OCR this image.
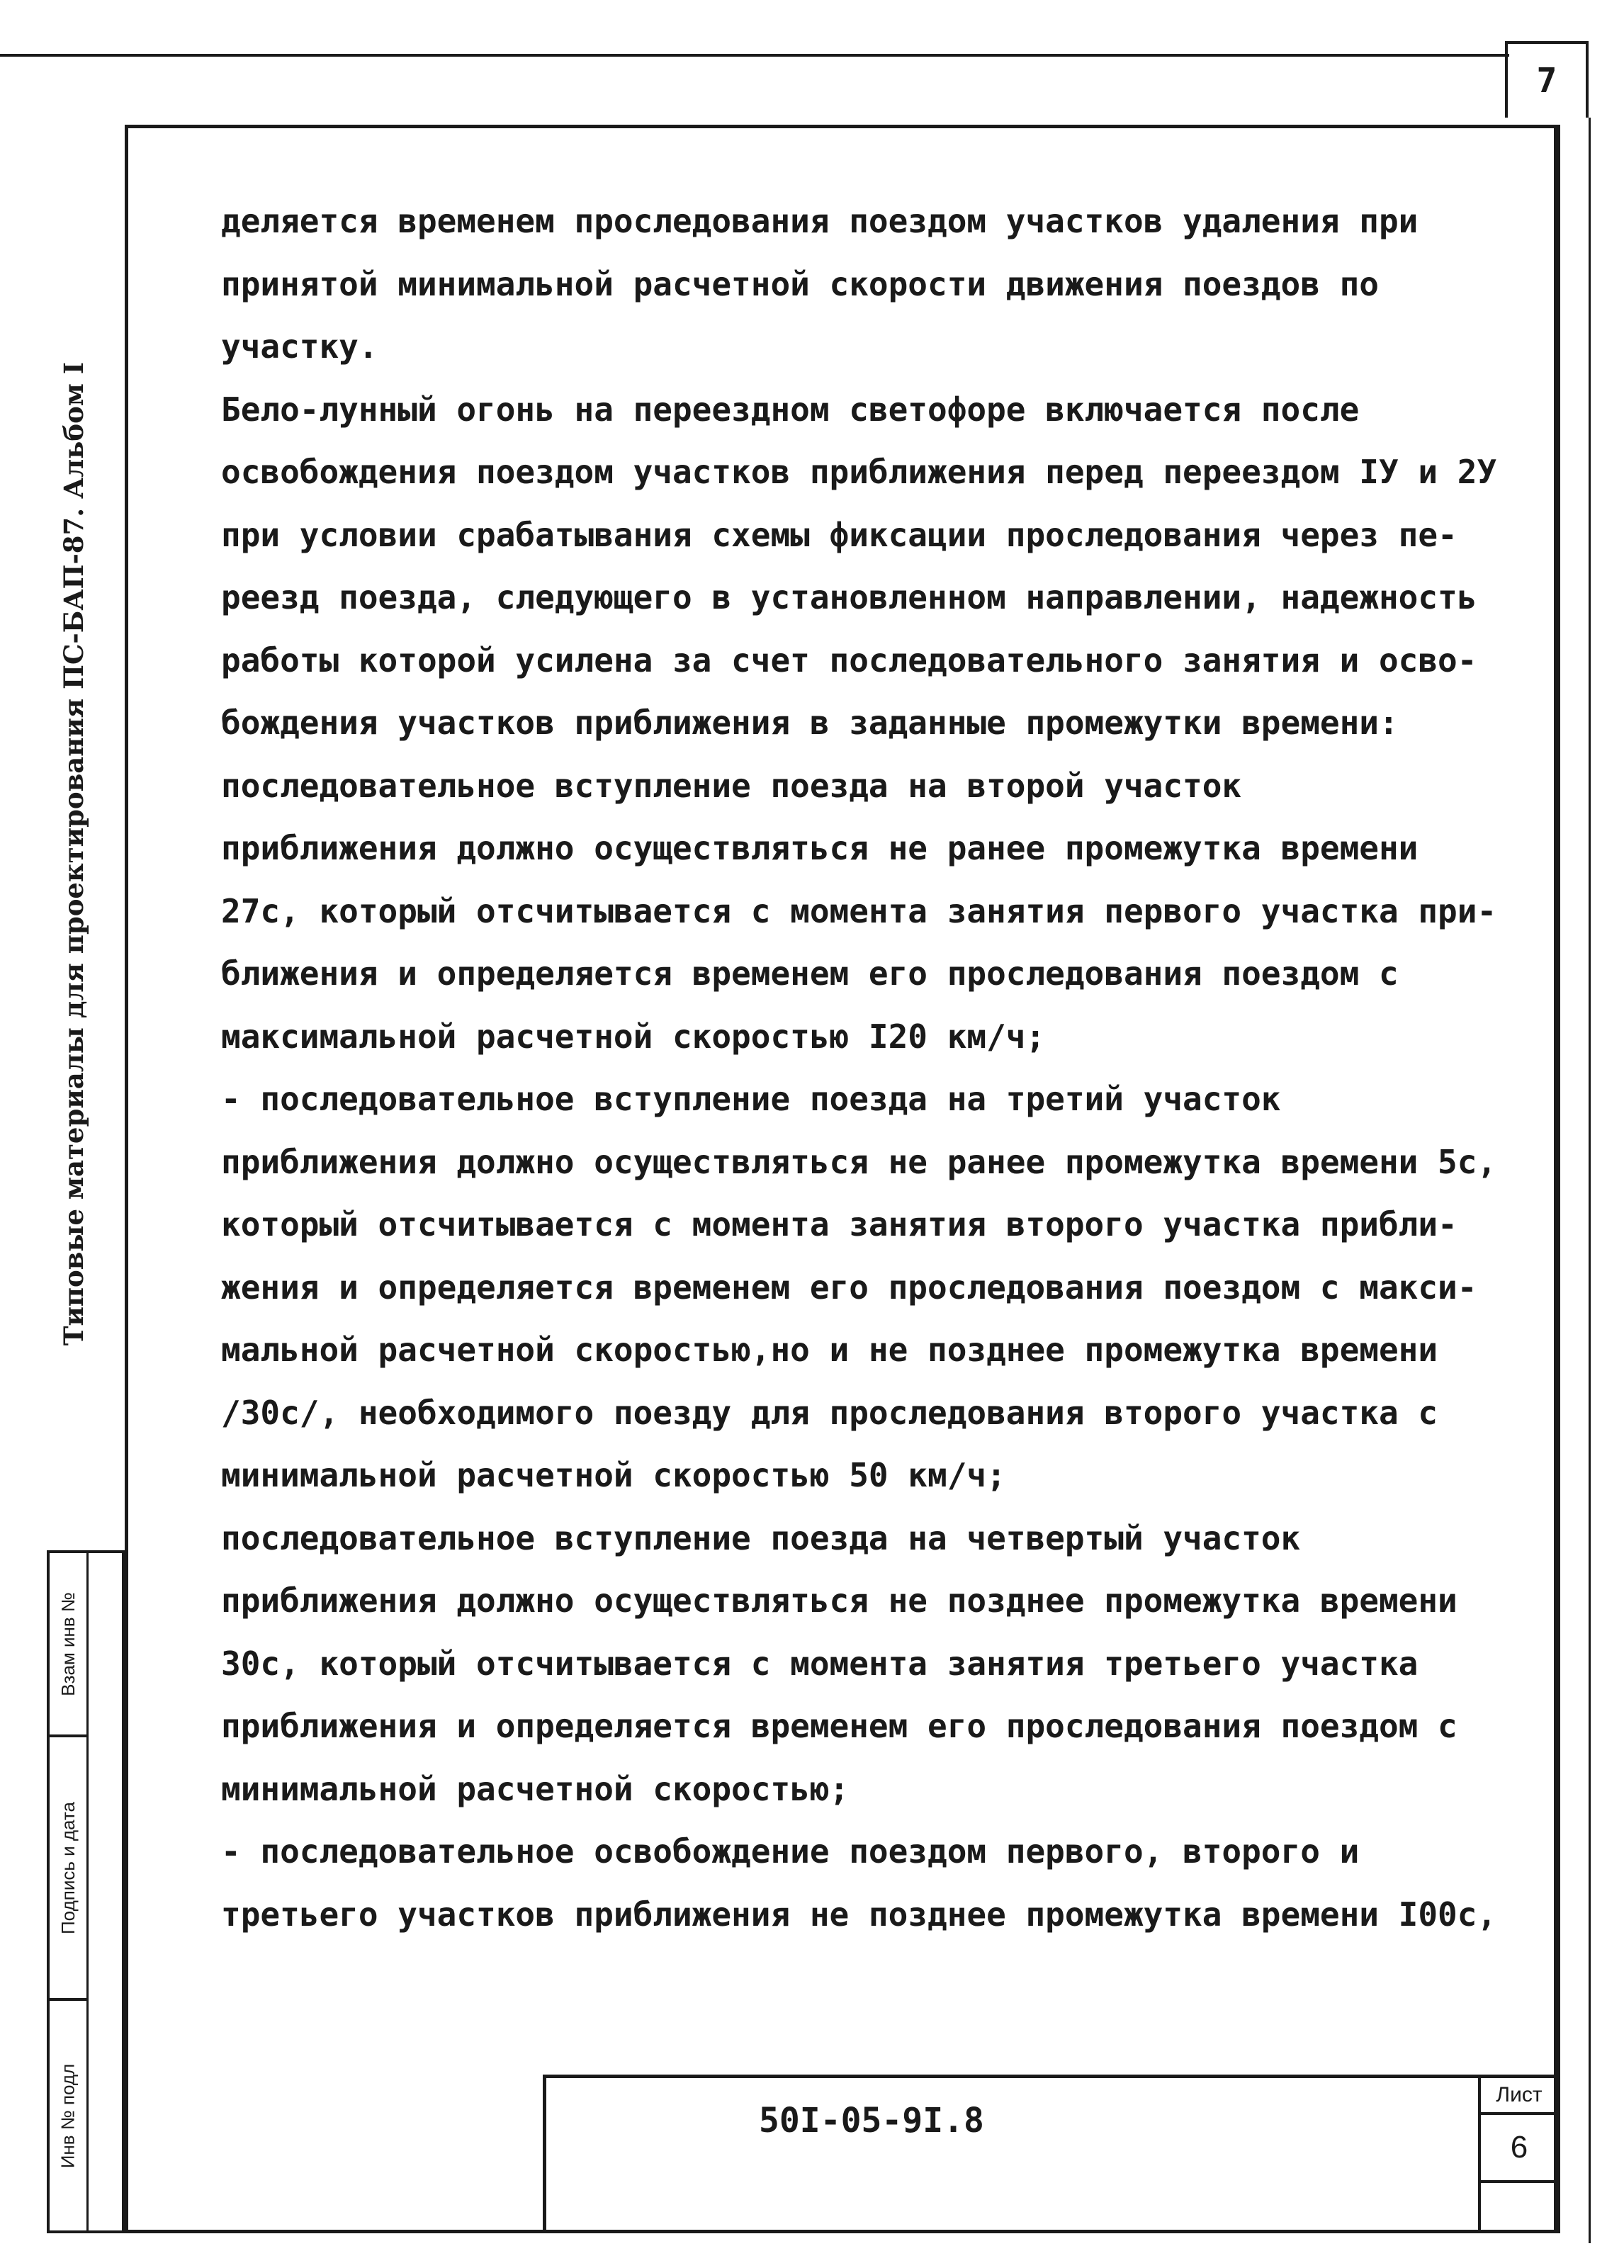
7
Типовые материалы для проектирования ПС-БАП-87. Альбом I
Взам инв №
Подпись и дата
Инв № подл
деляется временем проследования поездом участков удаления при
принятой минимальной расчетной скорости движения поездов по
участку.
Бело-лунный огонь на переездном светофоре включается после
освобождения поездом участков приближения перед переездом IУ и 2У
при условии срабатывания схемы фиксации проследования через пе-
реезд поезда, следующего в установленном направлении, надежность
работы которой усилена за счет последовательного занятия и осво-
бождения участков приближения в заданные промежутки времени:
последовательное вступление поезда на второй участок
приближения должно осуществляться не ранее промежутка времени
27с, который отсчитывается с момента занятия первого участка при-
ближения и определяется временем его проследования поездом с
максимальной расчетной скоростью I20 км/ч;
- последовательное вступление поезда на третий участок
приближения должно осуществляться не ранее промежутка времени 5с,
который отсчитывается с момента занятия второго участка прибли-
жения и определяется временем его проследования поездом с макси-
мальной расчетной скоростью,но и не позднее промежутка времени
/30с/, необходимого поезду для проследования второго участка с
минимальной расчетной скоростью 50 км/ч;
последовательное вступление поезда на четвертый участок
приближения должно осуществляться не позднее промежутка времени
30с, который отсчитывается с момента занятия третьего участка
приближения и определяется временем его проследования поездом с
минимальной расчетной скоростью;
- последовательное освобождение поездом первого, второго и
третьего участков приближения не позднее промежутка времени I00с,
50I-05-9I.8
Лист
6
